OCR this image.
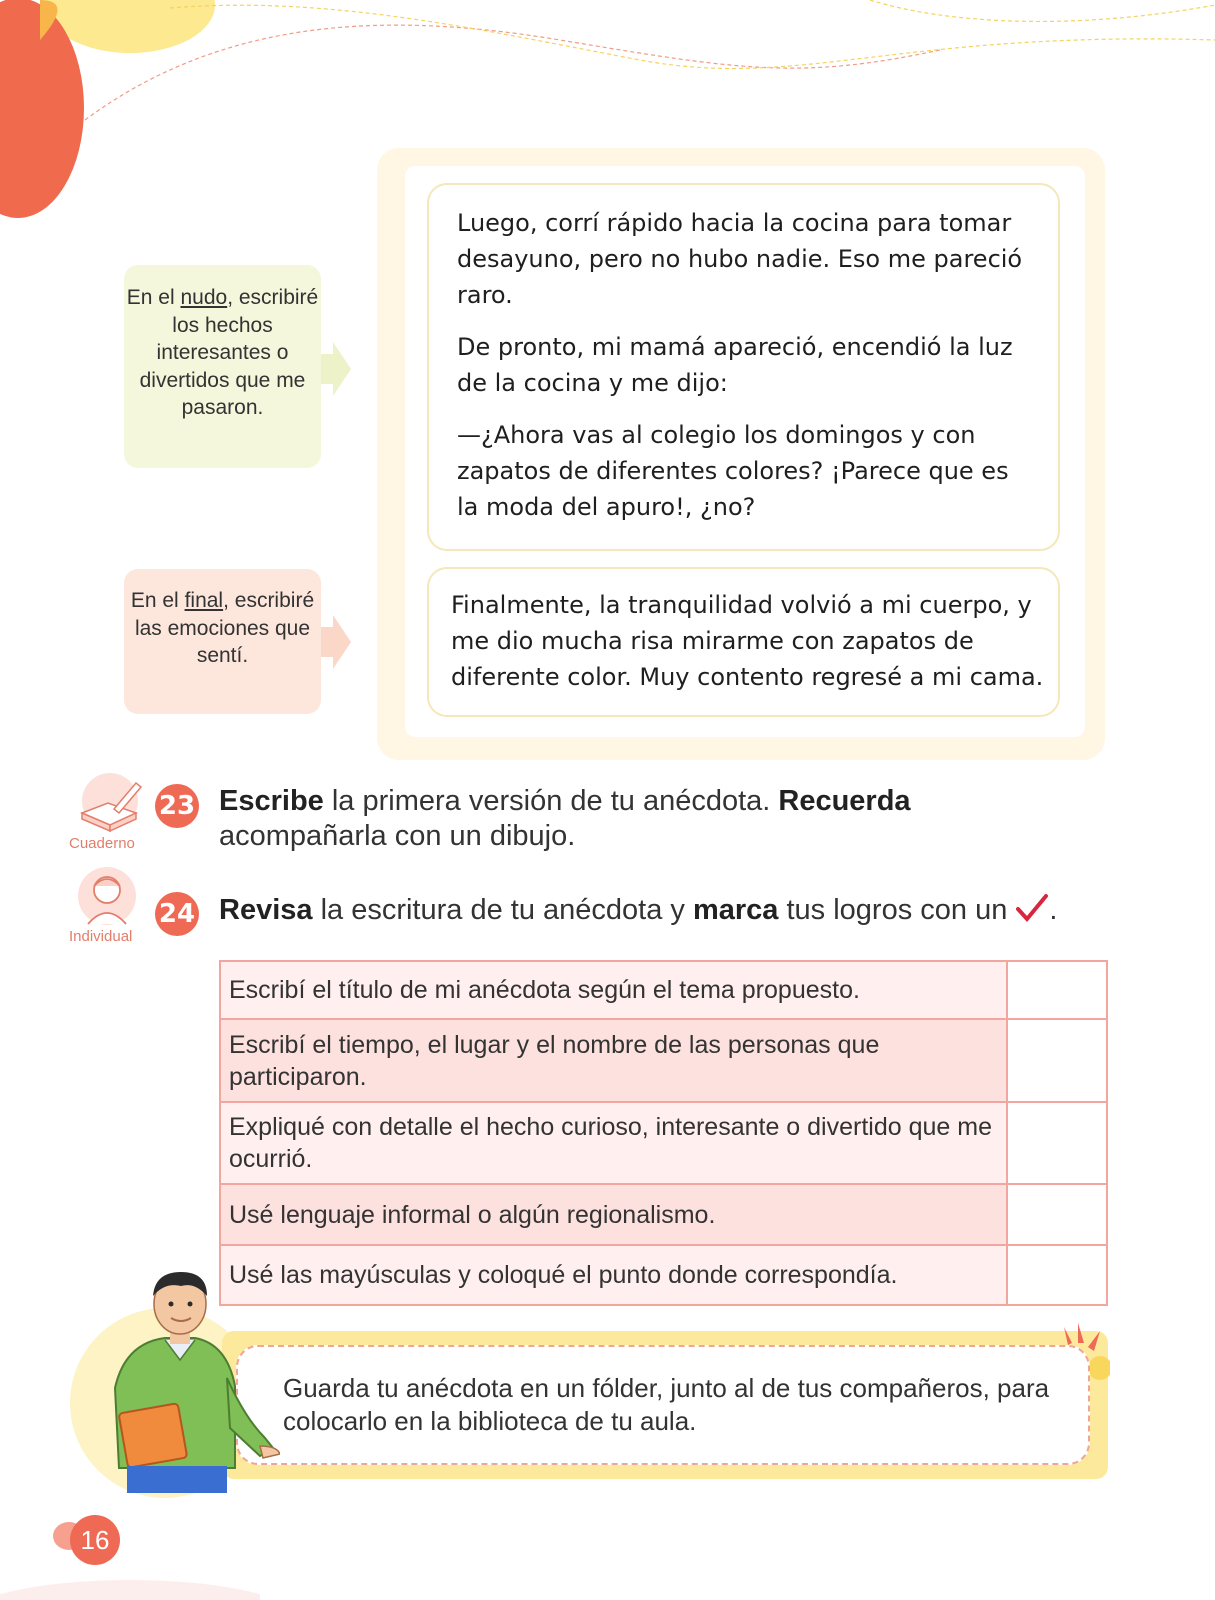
Luego, corrí rápido hacia la cocina para tomar desayuno, pero no hubo nadie. Eso me pareció raro.

De pronto, mi mamá apareció, encendió la luz de la cocina y me dijo:

—¿Ahora vas al colegio los domingos y con zapatos de diferentes colores? ¡Parece que es la moda del apuro!, ¿no?

Finalmente, la tranquilidad volvió a mi cuerpo, y me dio mucha risa mirarme con zapatos de diferente color. Muy contento regresé a mi cama.

En el nudo, escribiré los hechos interesantes o divertidos que me pasaron.
En el final, escribiré las emociones que sentí.
Cuaderno
23 Escribe la primera versión de tu anécdota. Recuerda acompañarla con un dibujo.
Individual
24 Revisa la escritura de tu anécdota y marca tus logros con un .
Escribí el título de mi anécdota según el tema propuesto.	
Escribí el tiempo, el lugar y el nombre de las personas que participaron.	
Expliqué con detalle el hecho curioso, interesante o divertido que me ocurrió.	
Usé lenguaje informal o algún regionalismo.	
Usé las mayúsculas y coloqué el punto donde correspondía.	
Guarda tu anécdota en un fólder, junto al de tus compañeros, para colocarlo en la biblioteca de tu aula.
16
